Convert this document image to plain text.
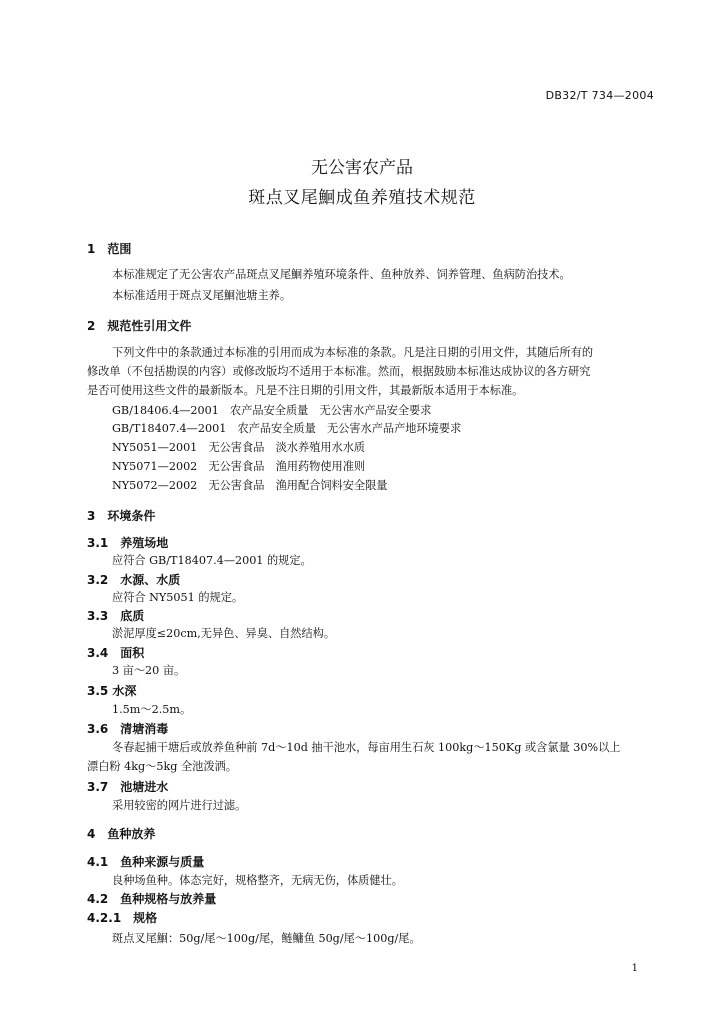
DB32/T 734—2004
无公害农产品
斑点叉尾鮰成鱼养殖技术规范
1　范围
本标准规定了无公害农产品斑点叉尾鮰养殖环境条件、鱼种放养、饲养管理、鱼病防治技术。
本标准适用于斑点叉尾鮰池塘主养。
2　规范性引用文件
下列文件中的条款通过本标准的引用而成为本标准的条款。凡是注日期的引用文件，其随后所有的
修改单（不包括勘误的内容）或修改版均不适用于本标准。然而，根据鼓励本标准达成协议的各方研究
是否可使用这些文件的最新版本。凡是不注日期的引用文件，其最新版本适用于本标准。
GB/18406.4—2001　农产品安全质量　无公害水产品安全要求
GB/T18407.4—2001　农产品安全质量　无公害水产品产地环境要求
NY5051—2001　无公害食品　淡水养殖用水水质
NY5071—2002　无公害食品　渔用药物使用准则
NY5072—2002　无公害食品　渔用配合饲料安全限量
3　环境条件
3.1　养殖场地
应符合 GB/T18407.4—2001 的规定。
3.2　水源、水质
应符合 NY5051 的规定。
3.3　底质
淤泥厚度≤20cm,无异色、异臭、自然结构。
3.4　面积
3 亩～20 亩。
3.5 水深
1.5m～2.5m。
3.6　清塘消毒
冬春起捕干塘后或放养鱼种前 7d～10d 抽干池水，每亩用生石灰 100kg～150Kg 或含氯量 30%以上
漂白粉 4kg～5kg 全池泼洒。
3.7　池塘进水
采用较密的网片进行过滤。
4　鱼种放养
4.1　鱼种来源与质量
良种场鱼种。体态完好，规格整齐，无病无伤，体质健壮。
4.2　鱼种规格与放养量
4.2.1　规格
斑点叉尾鮰：50g/尾～100g/尾，鲢鳙鱼 50g/尾～100g/尾。
1
